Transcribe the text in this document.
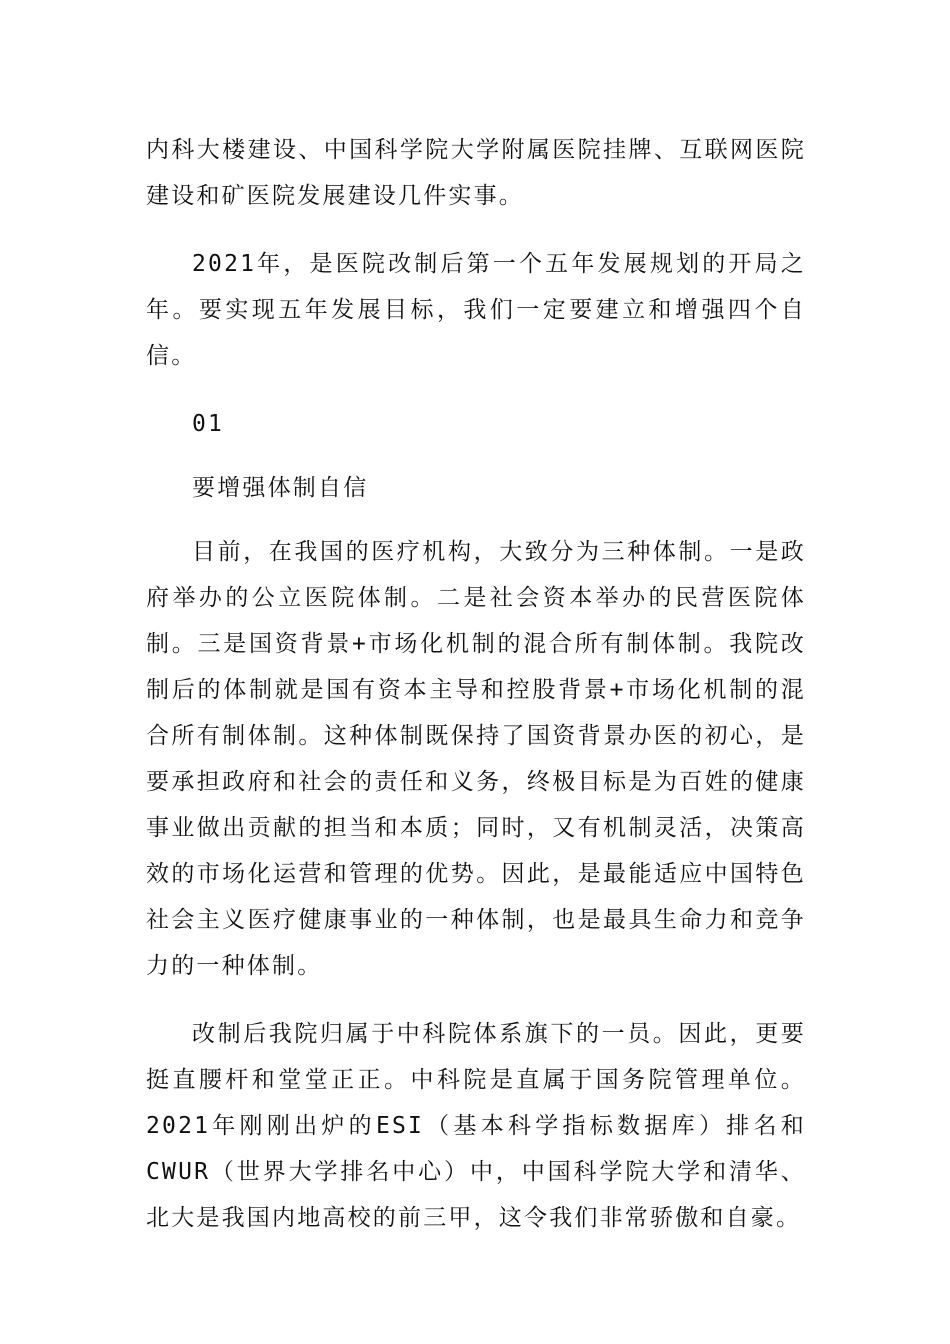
内科大楼建设、中国科学院大学附属医院挂牌、互联网医院建设和矿医院发展建设几件实事。

2021年，是医院改制后第一个五年发展规划的开局之年。要实现五年发展目标，我们一定要建立和增强四个自信。

01

要增强体制自信

目前，在我国的医疗机构，大致分为三种体制。一是政府举办的公立医院体制。二是社会资本举办的民营医院体制。三是国资背景+市场化机制的混合所有制体制。我院改制后的体制就是国有资本主导和控股背景+市场化机制的混合所有制体制。这种体制既保持了国资背景办医的初心，是要承担政府和社会的责任和义务，终极目标是为百姓的健康事业做出贡献的担当和本质；同时，又有机制灵活，决策高效的市场化运营和管理的优势。因此，是最能适应中国特色社会主义医疗健康事业的一种体制，也是最具生命力和竞争力的一种体制。

改制后我院归属于中科院体系旗下的一员。因此，更要挺直腰杆和堂堂正正。中科院是直属于国务院管理单位。2021年刚刚出炉的ESI（基本科学指标数据库）排名和CWUR（世界大学排名中心）中，中国科学院大学和清华、北大是我国内地高校的前三甲，这令我们非常骄傲和自豪。
